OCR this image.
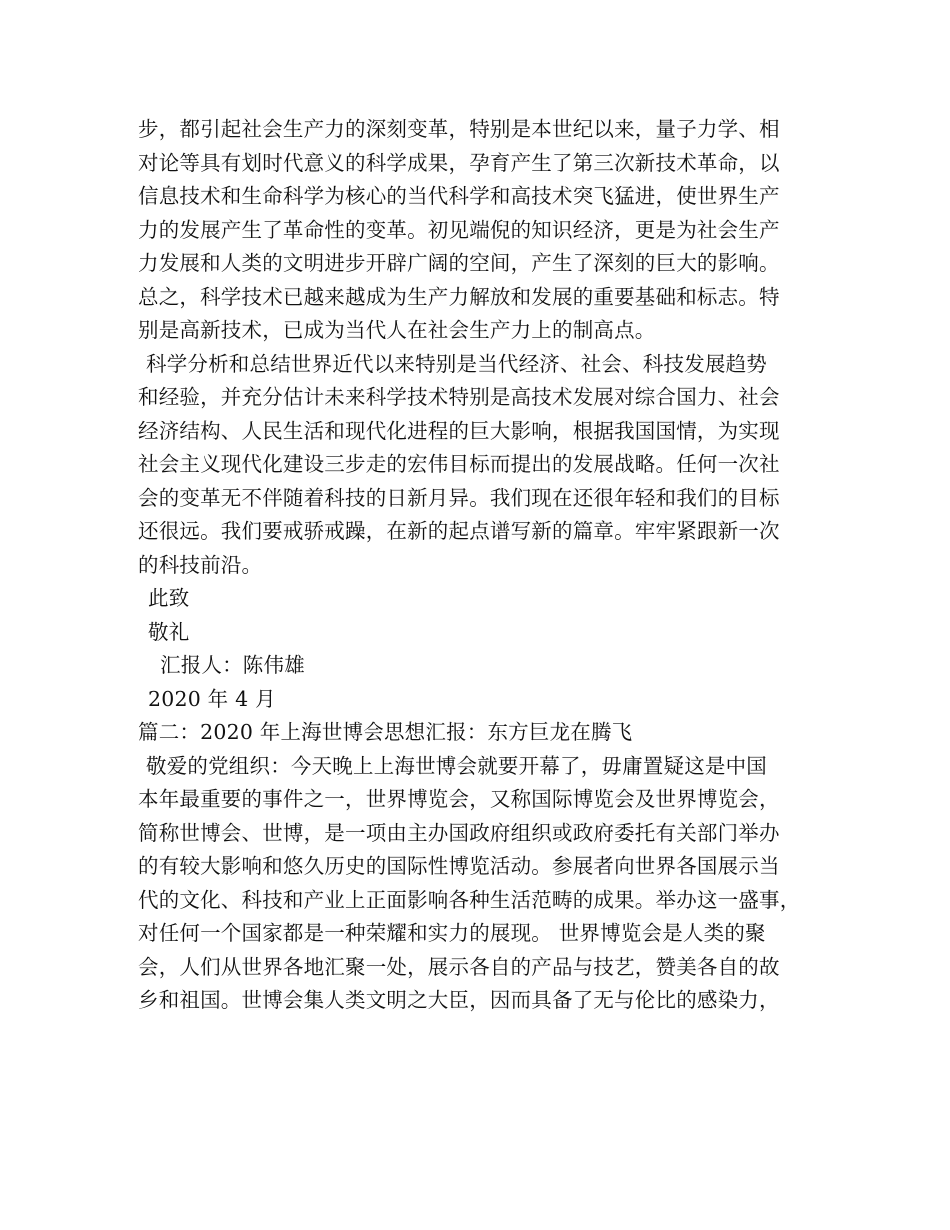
步，都引起社会生产力的深刻变革，特别是本世纪以来，量子力学、相
对论等具有划时代意义的科学成果，孕育产生了第三次新技术革命，以
信息技术和生命科学为核心的当代科学和高技术突飞猛进，使世界生产
力的发展产生了革命性的变革。初见端倪的知识经济，更是为社会生产
力发展和人类的文明进步开辟广阔的空间，产生了深刻的巨大的影响。
总之，科学技术已越来越成为生产力解放和发展的重要基础和标志。特
别是高新技术，已成为当代人在社会生产力上的制高点。
科学分析和总结世界近代以来特别是当代经济、社会、科技发展趋势
和经验，并充分估计未来科学技术特别是高技术发展对综合国力、社会
经济结构、人民生活和现代化进程的巨大影响，根据我国国情，为实现
社会主义现代化建设三步走的宏伟目标而提出的发展战略。任何一次社
会的变革无不伴随着科技的日新月异。我们现在还很年轻和我们的目标
还很远。我们要戒骄戒躁，在新的起点谱写新的篇章。牢牢紧跟新一次
的科技前沿。
此致
敬礼
汇报人：陈伟雄
2020 年 4 月
篇二：2020 年上海世博会思想汇报：东方巨龙在腾飞
敬爱的党组织：今天晚上上海世博会就要开幕了，毋庸置疑这是中国
本年最重要的事件之一，世界博览会，又称国际博览会及世界博览会，
简称世博会、世博，是一项由主办国政府组织或政府委托有关部门举办
的有较大影响和悠久历史的国际性博览活动。参展者向世界各国展示当
代的文化、科技和产业上正面影响各种生活范畴的成果。举办这一盛事，
对任何一个国家都是一种荣耀和实力的展现。 世界博览会是人类的聚
会，人们从世界各地汇聚一处，展示各自的产品与技艺，赞美各自的故
乡和祖国。世博会集人类文明之大臣，因而具备了无与伦比的感染力，
